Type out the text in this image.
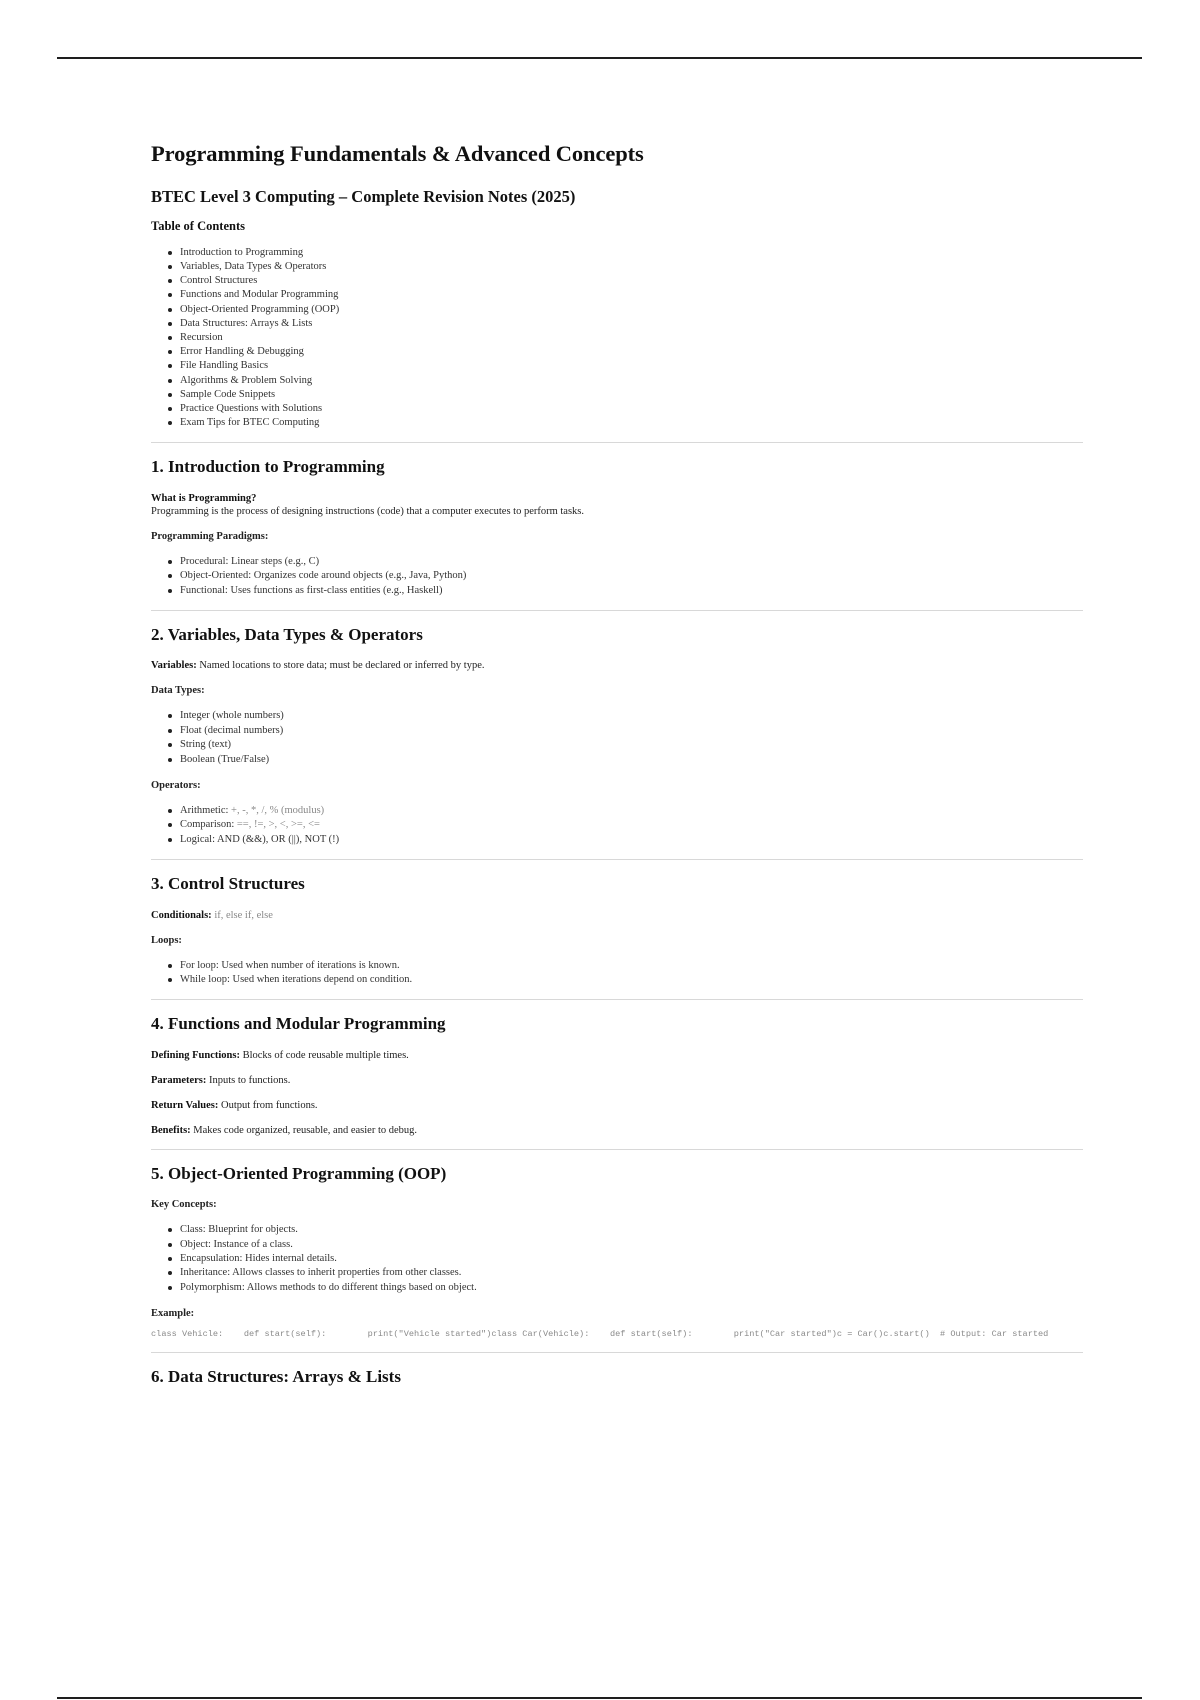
Programming Fundamentals & Advanced Concepts
BTEC Level 3 Computing – Complete Revision Notes (2025)
Table of Contents
Introduction to Programming
Variables, Data Types & Operators
Control Structures
Functions and Modular Programming
Object-Oriented Programming (OOP)
Data Structures: Arrays & Lists
Recursion
Error Handling & Debugging
File Handling Basics
Algorithms & Problem Solving
Sample Code Snippets
Practice Questions with Solutions
Exam Tips for BTEC Computing
1. Introduction to Programming

What is Programming?
Programming is the process of designing instructions (code) that a computer executes to perform tasks.

Programming Paradigms:

Procedural: Linear steps (e.g., C)
Object-Oriented: Organizes code around objects (e.g., Java, Python)
Functional: Uses functions as first-class entities (e.g., Haskell)
2. Variables, Data Types & Operators

Variables: Named locations to store data; must be declared or inferred by type.

Data Types:

Integer (whole numbers)
Float (decimal numbers)
String (text)
Boolean (True/False)

Operators:

Arithmetic: +, -, *, /, % (modulus)
Comparison: ==, !=, >, <, >=, <=
Logical: AND (&&), OR (||), NOT (!)
3. Control Structures

Conditionals: if, else if, else

Loops:

For loop: Used when number of iterations is known.
While loop: Used when iterations depend on condition.
4. Functions and Modular Programming

Defining Functions: Blocks of code reusable multiple times.

Parameters: Inputs to functions.

Return Values: Output from functions.

Benefits: Makes code organized, reusable, and easier to debug.

5. Object-Oriented Programming (OOP)

Key Concepts:

Class: Blueprint for objects.
Object: Instance of a class.
Encapsulation: Hides internal details.
Inheritance: Allows classes to inherit properties from other classes.
Polymorphism: Allows methods to do different things based on object.

Example:

class Vehicle:    def start(self):        print("Vehicle started")class Car(Vehicle):    def start(self):        print("Car started")c = Car()c.start()  # Output: Car started
6. Data Structures: Arrays & Lists
